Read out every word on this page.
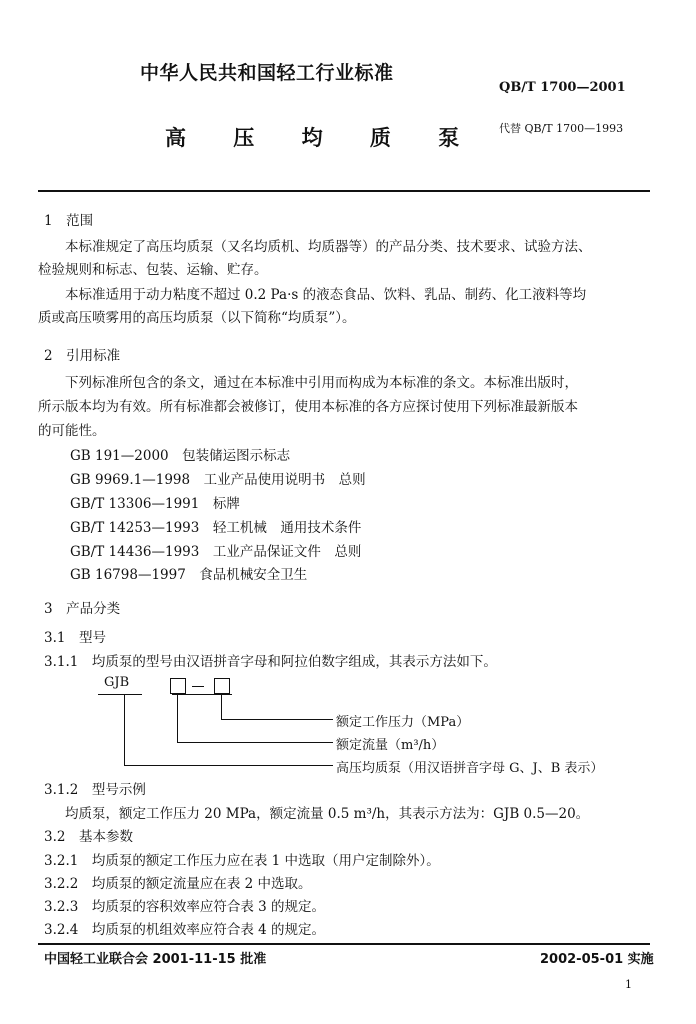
中华人民共和国轻工行业标准
QB/T 1700—2001
高 压 均 质 泵 代替 QB/T 1700—1993
1　范围
　　本标准规定了高压均质泵（又名均质机、均质器等）的产品分类、技术要求、试验方法、
检验规则和标志、包装、运输、贮存。
　　本标准适用于动力粘度不超过 0.2 Pa·s 的液态食品、饮料、乳品、制药、化工液料等均
质或高压喷雾用的高压均质泵（以下简称“均质泵”）。
2　引用标准
　　下列标准所包含的条文，通过在本标准中引用而构成为本标准的条文。本标准出版时，
所示版本均为有效。所有标准都会被修订，使用本标准的各方应探讨使用下列标准最新版本
的可能性。
GB 191—2000　包装储运图示标志
GB 9969.1—1998　工业产品使用说明书　总则
GB/T 13306—1991　标牌
GB/T 14253—1993　轻工机械　通用技术条件
GB/T 14436—1993　工业产品保证文件　总则
GB 16798—1997　食品机械安全卫生
3　产品分类
3.1　型号
3.1.1　均质泵的型号由汉语拼音字母和阿拉伯数字组成，其表示方法如下。
GJB
额定工作压力（MPa）
额定流量（m³/h）
高压均质泵（用汉语拼音字母 G、J、B 表示）
3.1.2　型号示例
　　均质泵，额定工作压力 20 MPa，额定流量 0.5 m³/h，其表示方法为：GJB 0.5—20。
3.2　基本参数
3.2.1　均质泵的额定工作压力应在表 1 中选取（用户定制除外）。
3.2.2　均质泵的额定流量应在表 2 中选取。
3.2.3　均质泵的容积效率应符合表 3 的规定。
3.2.4　均质泵的机组效率应符合表 4 的规定。
中国轻工业联合会 2001-11-15 批准	2002-05-01 实施
1
